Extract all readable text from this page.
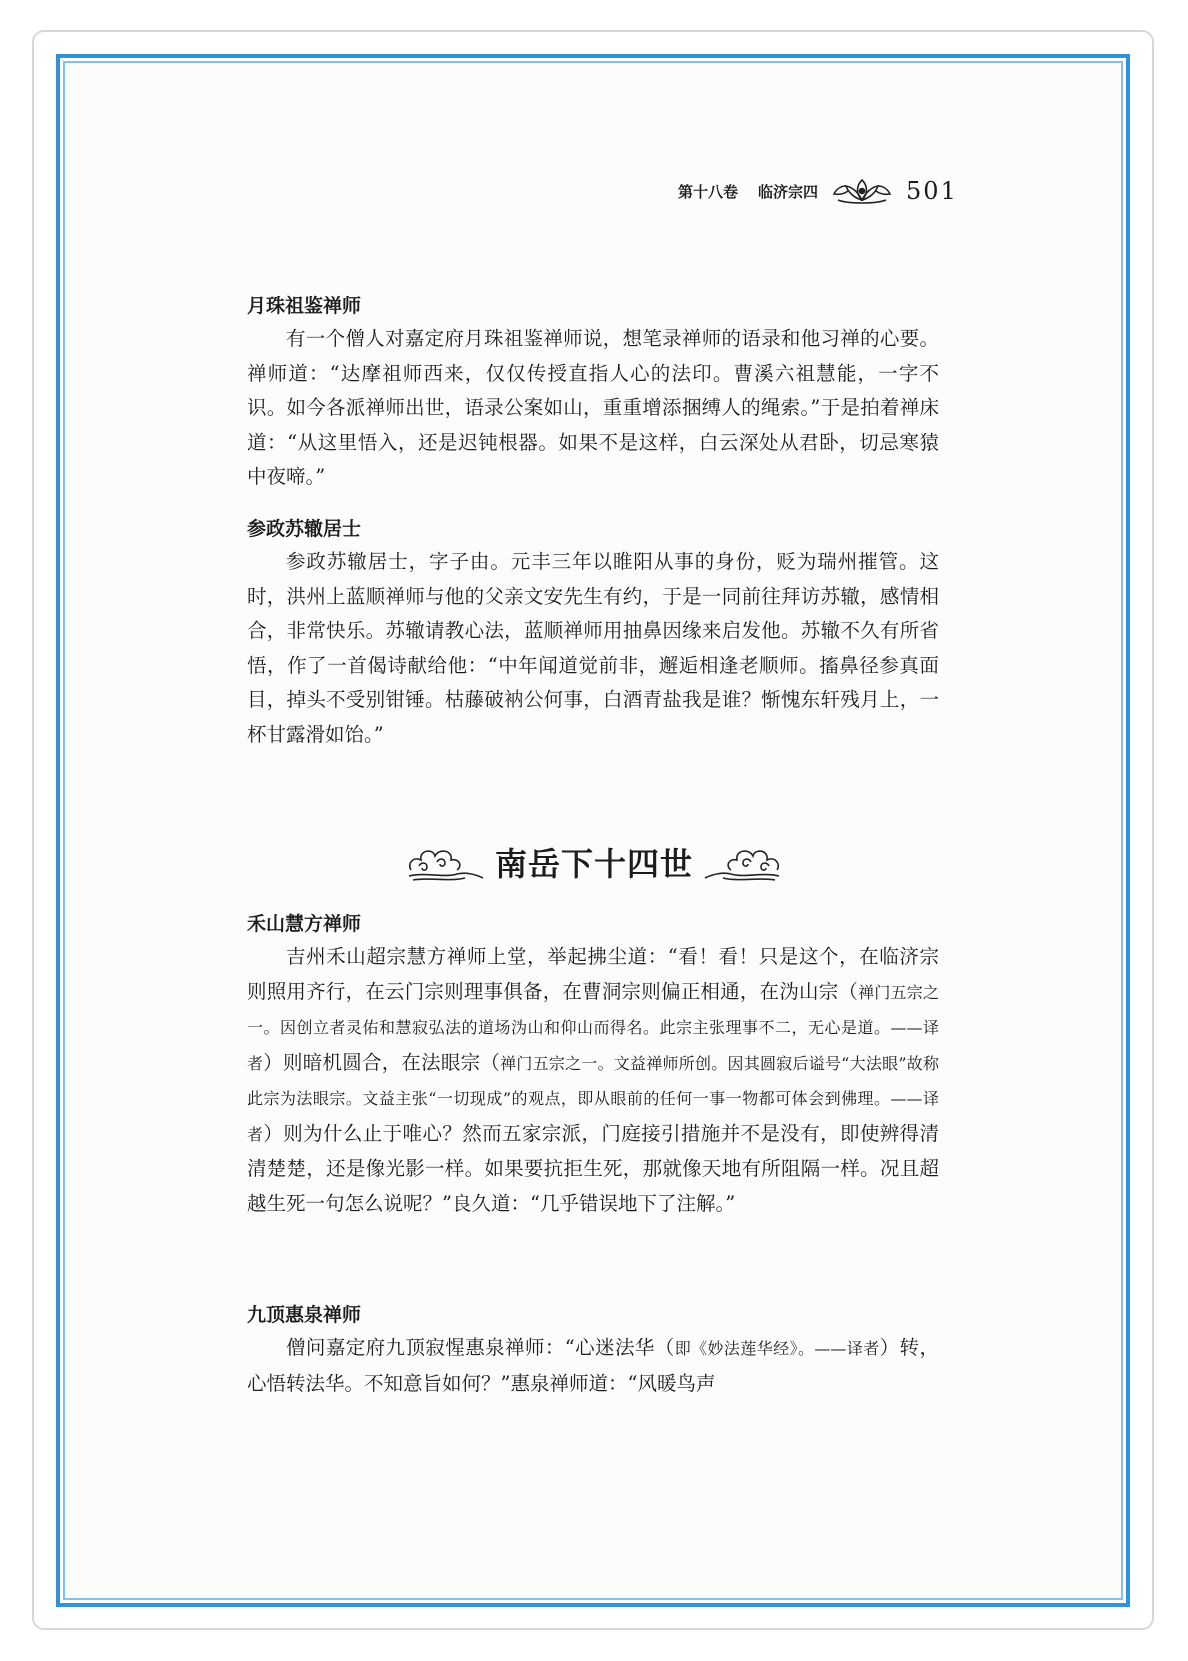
第十八卷 临济宗四	501

月珠祖鉴禅师

有一个僧人对嘉定府月珠祖鉴禅师说，想笔录禅师的语录和他习禅的心要。禅师道：“达摩祖师西来，仅仅传授直指人心的法印。曹溪六祖慧能，一字不识。如今各派禅师出世，语录公案如山，重重增添捆缚人的绳索。”于是拍着禅床道：“从这里悟入，还是迟钝根器。如果不是这样，白云深处从君卧，切忌寒猿中夜啼。”

参政苏辙居士

参政苏辙居士，字子由。元丰三年以睢阳从事的身份，贬为瑞州摧管。这时，洪州上蓝顺禅师与他的父亲文安先生有约，于是一同前往拜访苏辙，感情相合，非常快乐。苏辙请教心法，蓝顺禅师用抽鼻因缘来启发他。苏辙不久有所省悟，作了一首偈诗献给他：“中年闻道觉前非，邂逅相逢老顺师。搐鼻径参真面目，掉头不受别钳锤。枯藤破衲公何事，白酒青盐我是谁？惭愧东轩残月上，一杯甘露滑如饴。”

南岳下十四世

禾山慧方禅师

吉州禾山超宗慧方禅师上堂，举起拂尘道：“看！看！只是这个，在临济宗则照用齐行，在云门宗则理事俱备，在曹洞宗则偏正相通，在沩山宗（禅门五宗之一。因创立者灵佑和慧寂弘法的道场沩山和仰山而得名。此宗主张理事不二，无心是道。——译者）则暗机圆合，在法眼宗（禅门五宗之一。文益禅师所创。因其圆寂后谥号“大法眼”故称此宗为法眼宗。文益主张“一切现成”的观点，即从眼前的任何一事一物都可体会到佛理。——译者）则为什么止于唯心？然而五家宗派，门庭接引措施并不是没有，即使辨得清清楚楚，还是像光影一样。如果要抗拒生死，那就像天地有所阻隔一样。况且超越生死一句怎么说呢？”良久道：“几乎错误地下了注解。”

九顶惠泉禅师

僧问嘉定府九顶寂惺惠泉禅师：“心迷法华（即《妙法莲华经》。——译者）转，心悟转法华。不知意旨如何？”惠泉禅师道：“风暖鸟声
